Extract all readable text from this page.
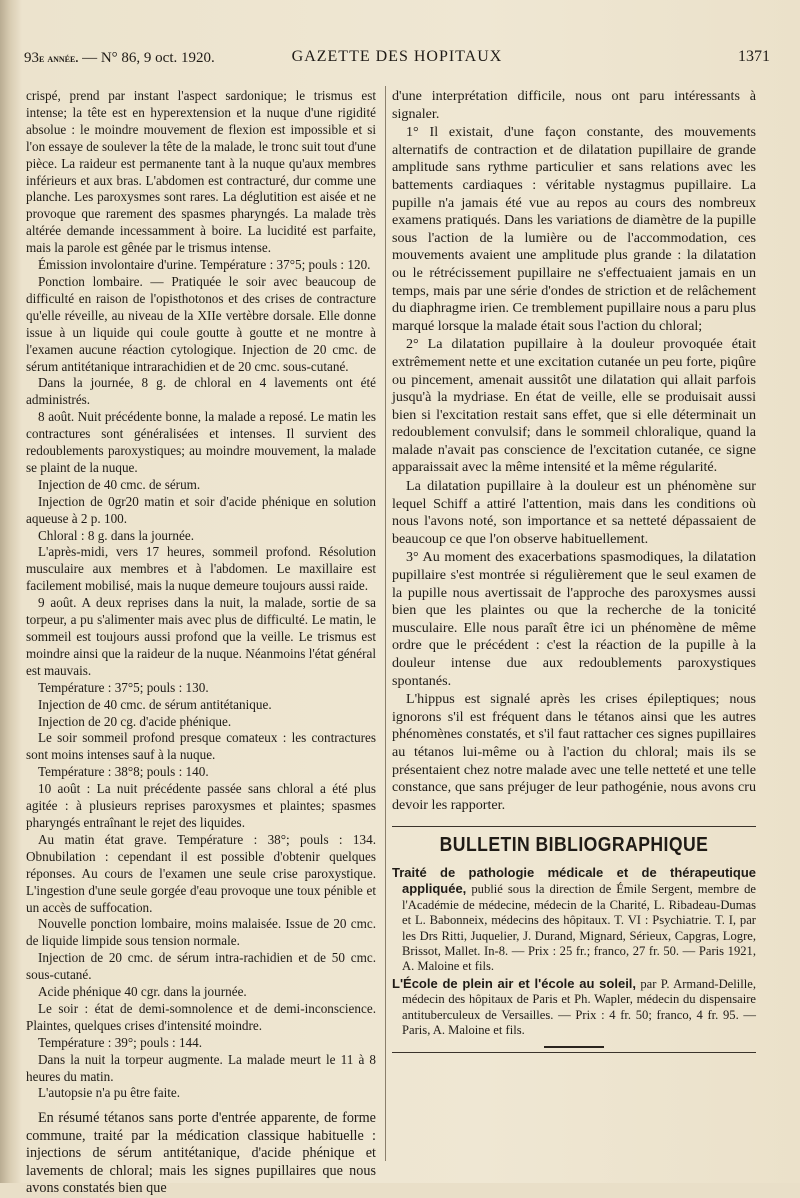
93e année. — N° 86, 9 oct. 1920.	GAZETTE DES HOPITAUX	1371

crispé, prend par instant l'aspect sardonique; le trismus est intense; la tête est en hyperextension et la nuque d'une rigidité absolue : le moindre mouvement de flexion est impossible et si l'on essaye de soulever la tête de la malade, le tronc suit tout d'une pièce. La raideur est permanente tant à la nuque qu'aux membres inférieurs et aux bras. L'abdomen est contracturé, dur comme une planche. Les paroxysmes sont rares. La déglutition est aisée et ne provoque que rarement des spasmes pharyngés. La malade très altérée demande incessamment à boire. La lucidité est parfaite, mais la parole est gênée par le trismus intense.

Émission involontaire d'urine. Température : 37°5; pouls : 120.

Ponction lombaire. — Pratiquée le soir avec beaucoup de difficulté en raison de l'opisthotonos et des crises de contracture qu'elle réveille, au niveau de la XIIe vertèbre dorsale. Elle donne issue à un liquide qui coule goutte à goutte et ne montre à l'examen aucune réaction cytologique. Injection de 20 cmc. de sérum antitétanique intrarachidien et de 20 cmc. sous-cutané.

Dans la journée, 8 g. de chloral en 4 lavements ont été administrés.

8 août. Nuit précédente bonne, la malade a reposé. Le matin les contractures sont généralisées et intenses. Il survient des redoublements paroxystiques; au moindre mouvement, la malade se plaint de la nuque.

Injection de 40 cmc. de sérum.

Injection de 0gr20 matin et soir d'acide phénique en solution aqueuse à 2 p. 100.

Chloral : 8 g. dans la journée.

L'après-midi, vers 17 heures, sommeil profond. Résolution musculaire aux membres et à l'abdomen. Le maxillaire est facilement mobilisé, mais la nuque demeure toujours aussi raide.

9 août. A deux reprises dans la nuit, la malade, sortie de sa torpeur, a pu s'alimenter mais avec plus de difficulté. Le matin, le sommeil est toujours aussi profond que la veille. Le trismus est moindre ainsi que la raideur de la nuque. Néanmoins l'état général est mauvais.

Température : 37°5; pouls : 130.

Injection de 40 cmc. de sérum antitétanique.

Injection de 20 cg. d'acide phénique.

Le soir sommeil profond presque comateux : les contractures sont moins intenses sauf à la nuque.

Température : 38°8; pouls : 140.

10 août : La nuit précédente passée sans chloral a été plus agitée : à plusieurs reprises paroxysmes et plaintes; spasmes pharyngés entraînant le rejet des liquides.

Au matin état grave. Température : 38°; pouls : 134. Obnubilation : cependant il est possible d'obtenir quelques réponses. Au cours de l'examen une seule crise paroxystique. L'ingestion d'une seule gorgée d'eau provoque une toux pénible et un accès de suffocation.

Nouvelle ponction lombaire, moins malaisée. Issue de 20 cmc. de liquide limpide sous tension normale.

Injection de 20 cmc. de sérum intra-rachidien et de 50 cmc. sous-cutané.

Acide phénique 40 cgr. dans la journée.

Le soir : état de demi-somnolence et de demi-inconscience. Plaintes, quelques crises d'intensité moindre.

Température : 39°; pouls : 144.

Dans la nuit la torpeur augmente. La malade meurt le 11 à 8 heures du matin.

L'autopsie n'a pu être faite.

En résumé tétanos sans porte d'entrée apparente, de forme commune, traité par la médication classique habituelle : injections de sérum antitétanique, d'acide phénique et lavements de chloral; mais les signes pupillaires que nous avons constatés bien que

d'une interprétation difficile, nous ont paru intéressants à signaler.

1° Il existait, d'une façon constante, des mouvements alternatifs de contraction et de dilatation pupillaire de grande amplitude sans rythme particulier et sans relations avec les battements cardiaques : véritable nystagmus pupillaire. La pupille n'a jamais été vue au repos au cours des nombreux examens pratiqués. Dans les variations de diamètre de la pupille sous l'action de la lumière ou de l'accommodation, ces mouvements avaient une amplitude plus grande : la dilatation ou le rétrécissement pupillaire ne s'effectuaient jamais en un temps, mais par une série d'ondes de striction et de relâchement du diaphragme irien. Ce tremblement pupillaire nous a paru plus marqué lorsque la malade était sous l'action du chloral;

2° La dilatation pupillaire à la douleur provoquée était extrêmement nette et une excitation cutanée un peu forte, piqûre ou pincement, amenait aussitôt une dilatation qui allait parfois jusqu'à la mydriase. En état de veille, elle se produisait aussi bien si l'excitation restait sans effet, que si elle déterminait un redoublement convulsif; dans le sommeil chloralique, quand la malade n'avait pas conscience de l'excitation cutanée, ce signe apparaissait avec la même intensité et la même régularité.

La dilatation pupillaire à la douleur est un phénomène sur lequel Schiff a attiré l'attention, mais dans les conditions où nous l'avons noté, son importance et sa netteté dépassaient de beaucoup ce que l'on observe habituellement.

3° Au moment des exacerbations spasmodiques, la dilatation pupillaire s'est montrée si régulièrement que le seul examen de la pupille nous avertissait de l'approche des paroxysmes aussi bien que les plaintes ou que la recherche de la tonicité musculaire. Elle nous paraît être ici un phénomène de même ordre que le précédent : c'est la réaction de la pupille à la douleur intense due aux redoublements paroxystiques spontanés.

L'hippus est signalé après les crises épileptiques; nous ignorons s'il est fréquent dans le tétanos ainsi que les autres phénomènes constatés, et s'il faut rattacher ces signes pupillaires au tétanos lui-même ou à l'action du chloral; mais ils se présentaient chez notre malade avec une telle netteté et une telle constance, que sans préjuger de leur pathogénie, nous avons cru devoir les rapporter.

BULLETIN BIBLIOGRAPHIQUE

Traité de pathologie médicale et de thérapeutique appliquée, publié sous la direction de Émile Sergent, membre de l'Académie de médecine, médecin de la Charité, L. Ribadeau-Dumas et L. Babonneix, médecins des hôpitaux. T. VI : Psychiatrie. T. I, par les Drs Ritti, Juquelier, J. Durand, Mignard, Sérieux, Capgras, Logre, Brissot, Mallet. In-8. — Prix : 25 fr.; franco, 27 fr. 50. — Paris 1921, A. Maloine et fils.

L'École de plein air et l'école au soleil, par P. Armand-Delille, médecin des hôpitaux de Paris et Ph. Wapler, médecin du dispensaire antituberculeux de Versailles. — Prix : 4 fr. 50; franco, 4 fr. 95. — Paris, A. Maloine et fils.
